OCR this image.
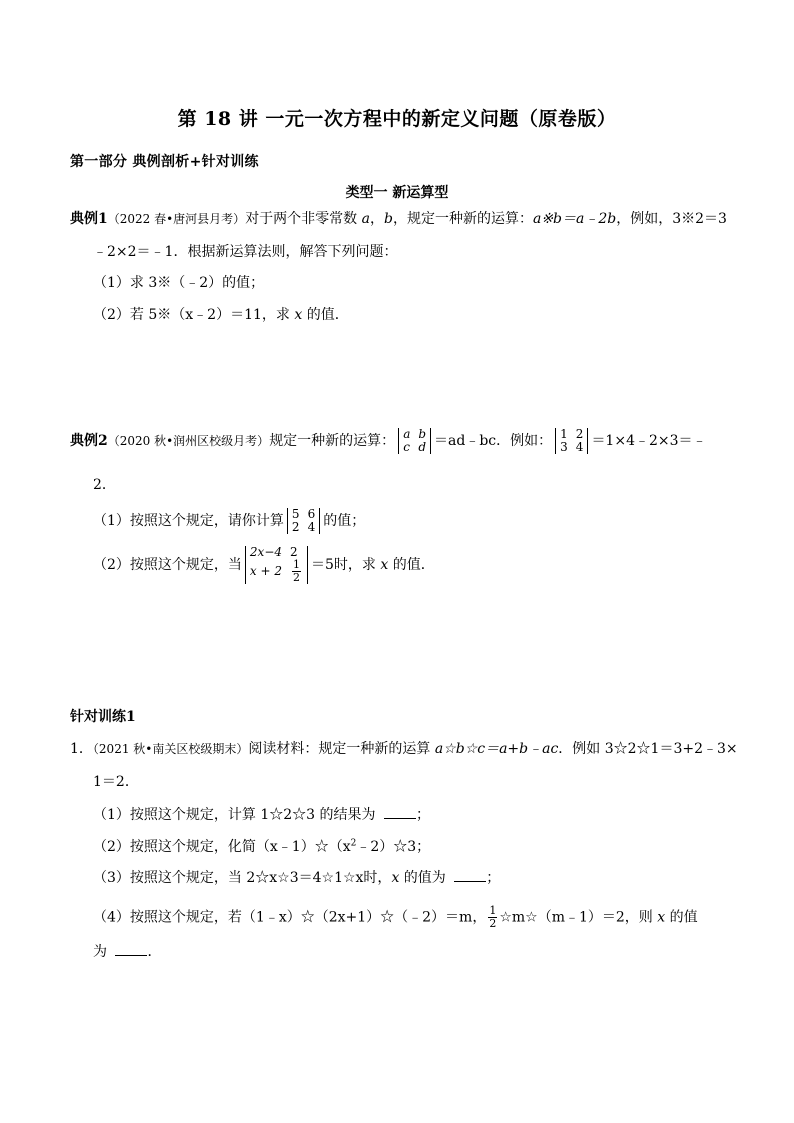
第 18 讲 一元一次方程中的新定义问题（原卷版）
第一部分 典例剖析+针对训练
类型一 新运算型
典例1（2022 春•唐河县月考）对于两个非零常数 a，b，规定一种新的运算：a※b＝a﹣2b，例如，3※2＝3
﹣2×2＝﹣1．根据新运算法则，解答下列问题：
（1）求 3※（﹣2）的值；
（2）若 5※（x﹣2）＝11，求 x 的值．
典例2（2020 秋•润州区校级月考）规定一种新的运算： a	b
c	d ＝ad﹣bc．例如： 1	2
3	4 ＝1×4﹣2×3＝﹣
2．
（1）按照这个规定，请你计算 5	6
2	4 的值；
（2）按照这个规定，当
2x−4	2
x + 2	$\frac{1}{2} =5$时，求 x 的值．
针对训练1
1．（2021 秋•南关区校级期末）阅读材料：规定一种新的运算 a☆b☆c＝a+b﹣ac．例如 3☆2☆1＝3+2﹣3×
1＝2．
（1）按照这个规定，计算 1☆2☆3 的结果为	；
（2）按照这个规定，化简$(x﹣1)☆(x^2﹣2)☆3$；
（3）按照这个规定，当 2☆x☆3＝4☆1☆x时，x 的值为	；
（4）按照这个规定，若（1﹣x）☆（2x+1）☆（﹣2）＝m， $\frac{1}{2}$ ☆m☆（m﹣1）＝2，则 x 的值
为	．
